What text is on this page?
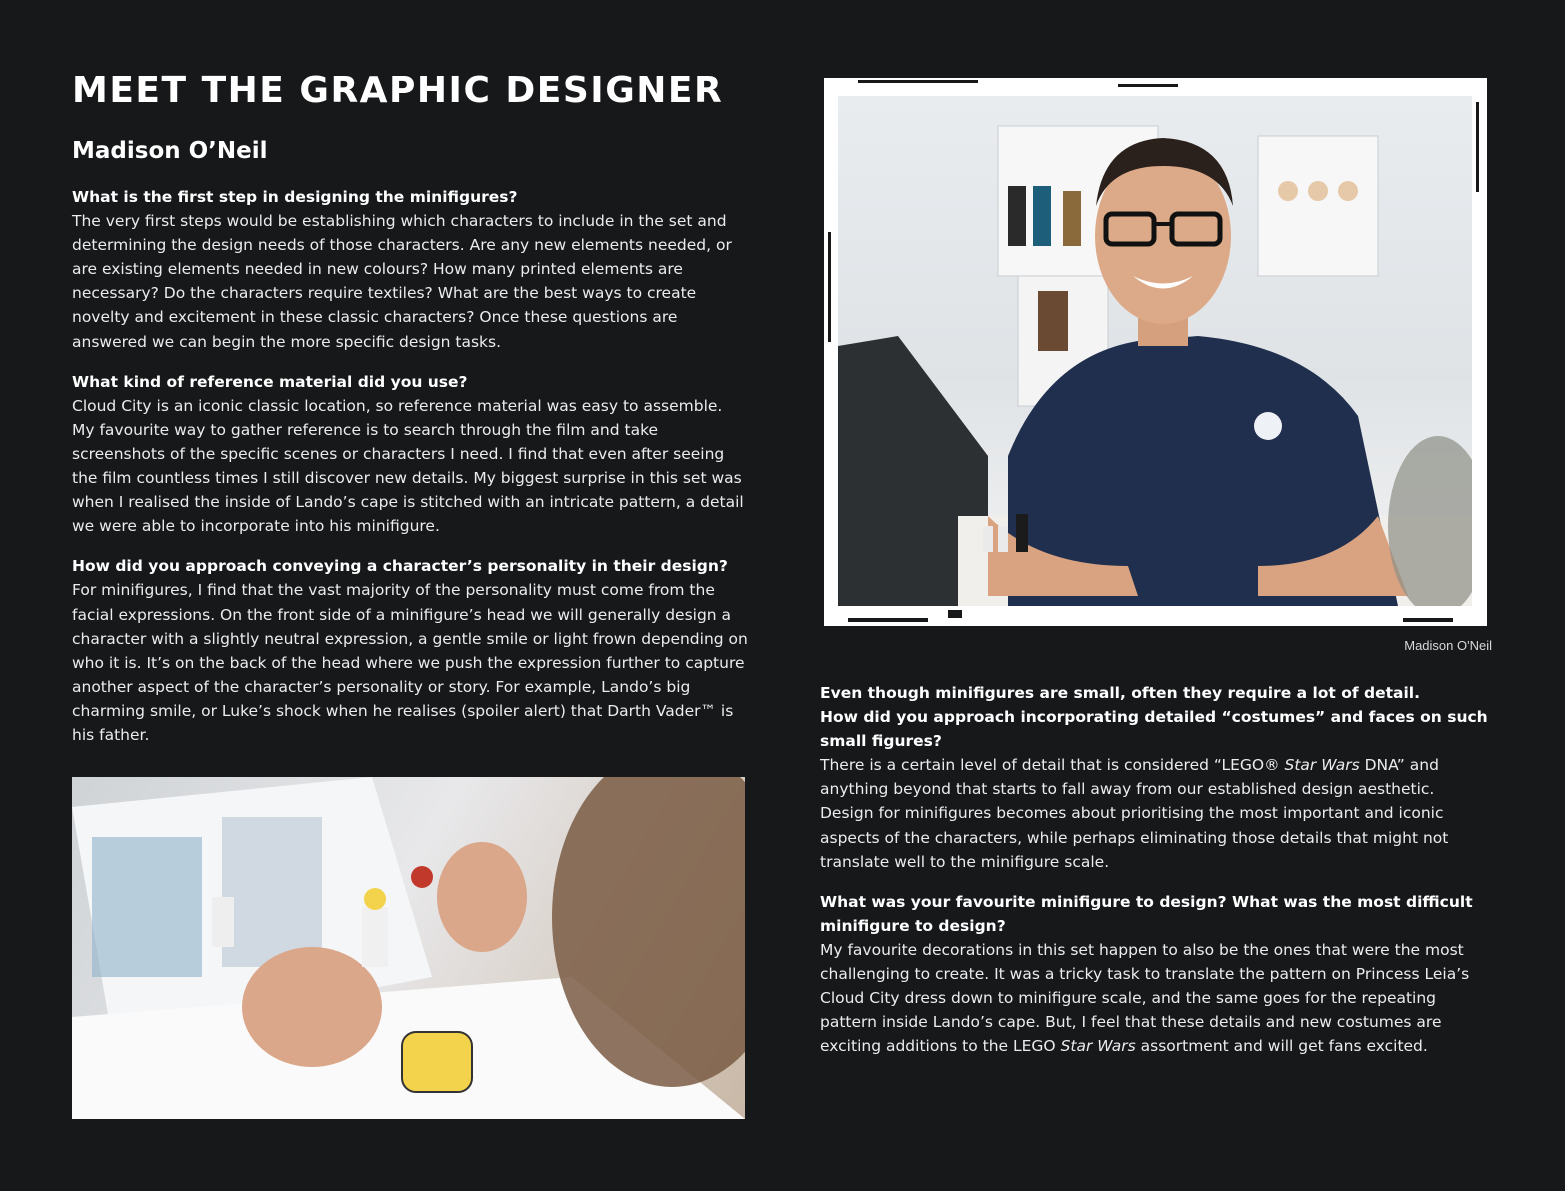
MEET THE GRAPHIC DESIGNER
Madison O’Neil

What is the first step in designing the minifigures?

The very first steps would be establishing which characters to include in the set and determining the design needs of those characters. Are any new elements needed, or are existing elements needed in new colours? How many printed elements are necessary? Do the characters require textiles? What are the best ways to create novelty and excitement in these classic characters? Once these questions are answered we can begin the more specific design tasks.

What kind of reference material did you use?

Cloud City is an iconic classic location, so reference material was easy to assemble. My favourite way to gather reference is to search through the film and take screenshots of the specific scenes or characters I need. I find that even after seeing the film countless times I still discover new details. My biggest surprise in this set was when I realised the inside of Lando’s cape is stitched with an intricate pattern, a detail we were able to incorporate into his minifigure.

How did you approach conveying a character’s personality in their design?

For minifigures, I find that the vast majority of the personality must come from the facial expressions. On the front side of a minifigure’s head we will generally design a character with a slightly neutral expression, a gentle smile or light frown depending on who it is. It’s on the back of the head where we push the expression further to capture another aspect of the character’s personality or story. For example, Lando’s big charming smile, or Luke’s shock when he realises (spoiler alert) that Darth Vader™ is his father.

Madison O'Neil

Even though minifigures are small, often they require a lot of detail.
How did you approach incorporating detailed “costumes” and faces on such small figures?

There is a certain level of detail that is considered “LEGO® Star Wars DNA” and anything beyond that starts to fall away from our established design aesthetic. Design for minifigures becomes about prioritising the most important and iconic aspects of the characters, while perhaps eliminating those details that might not translate well to the minifigure scale.

What was your favourite minifigure to design? What was the most difficult minifigure to design?

My favourite decorations in this set happen to also be the ones that were the most challenging to create. It was a tricky task to translate the pattern on Princess Leia’s Cloud City dress down to minifigure scale, and the same goes for the repeating pattern inside Lando’s cape. But, I feel that these details and new costumes are exciting additions to the LEGO Star Wars assortment and will get fans excited.
